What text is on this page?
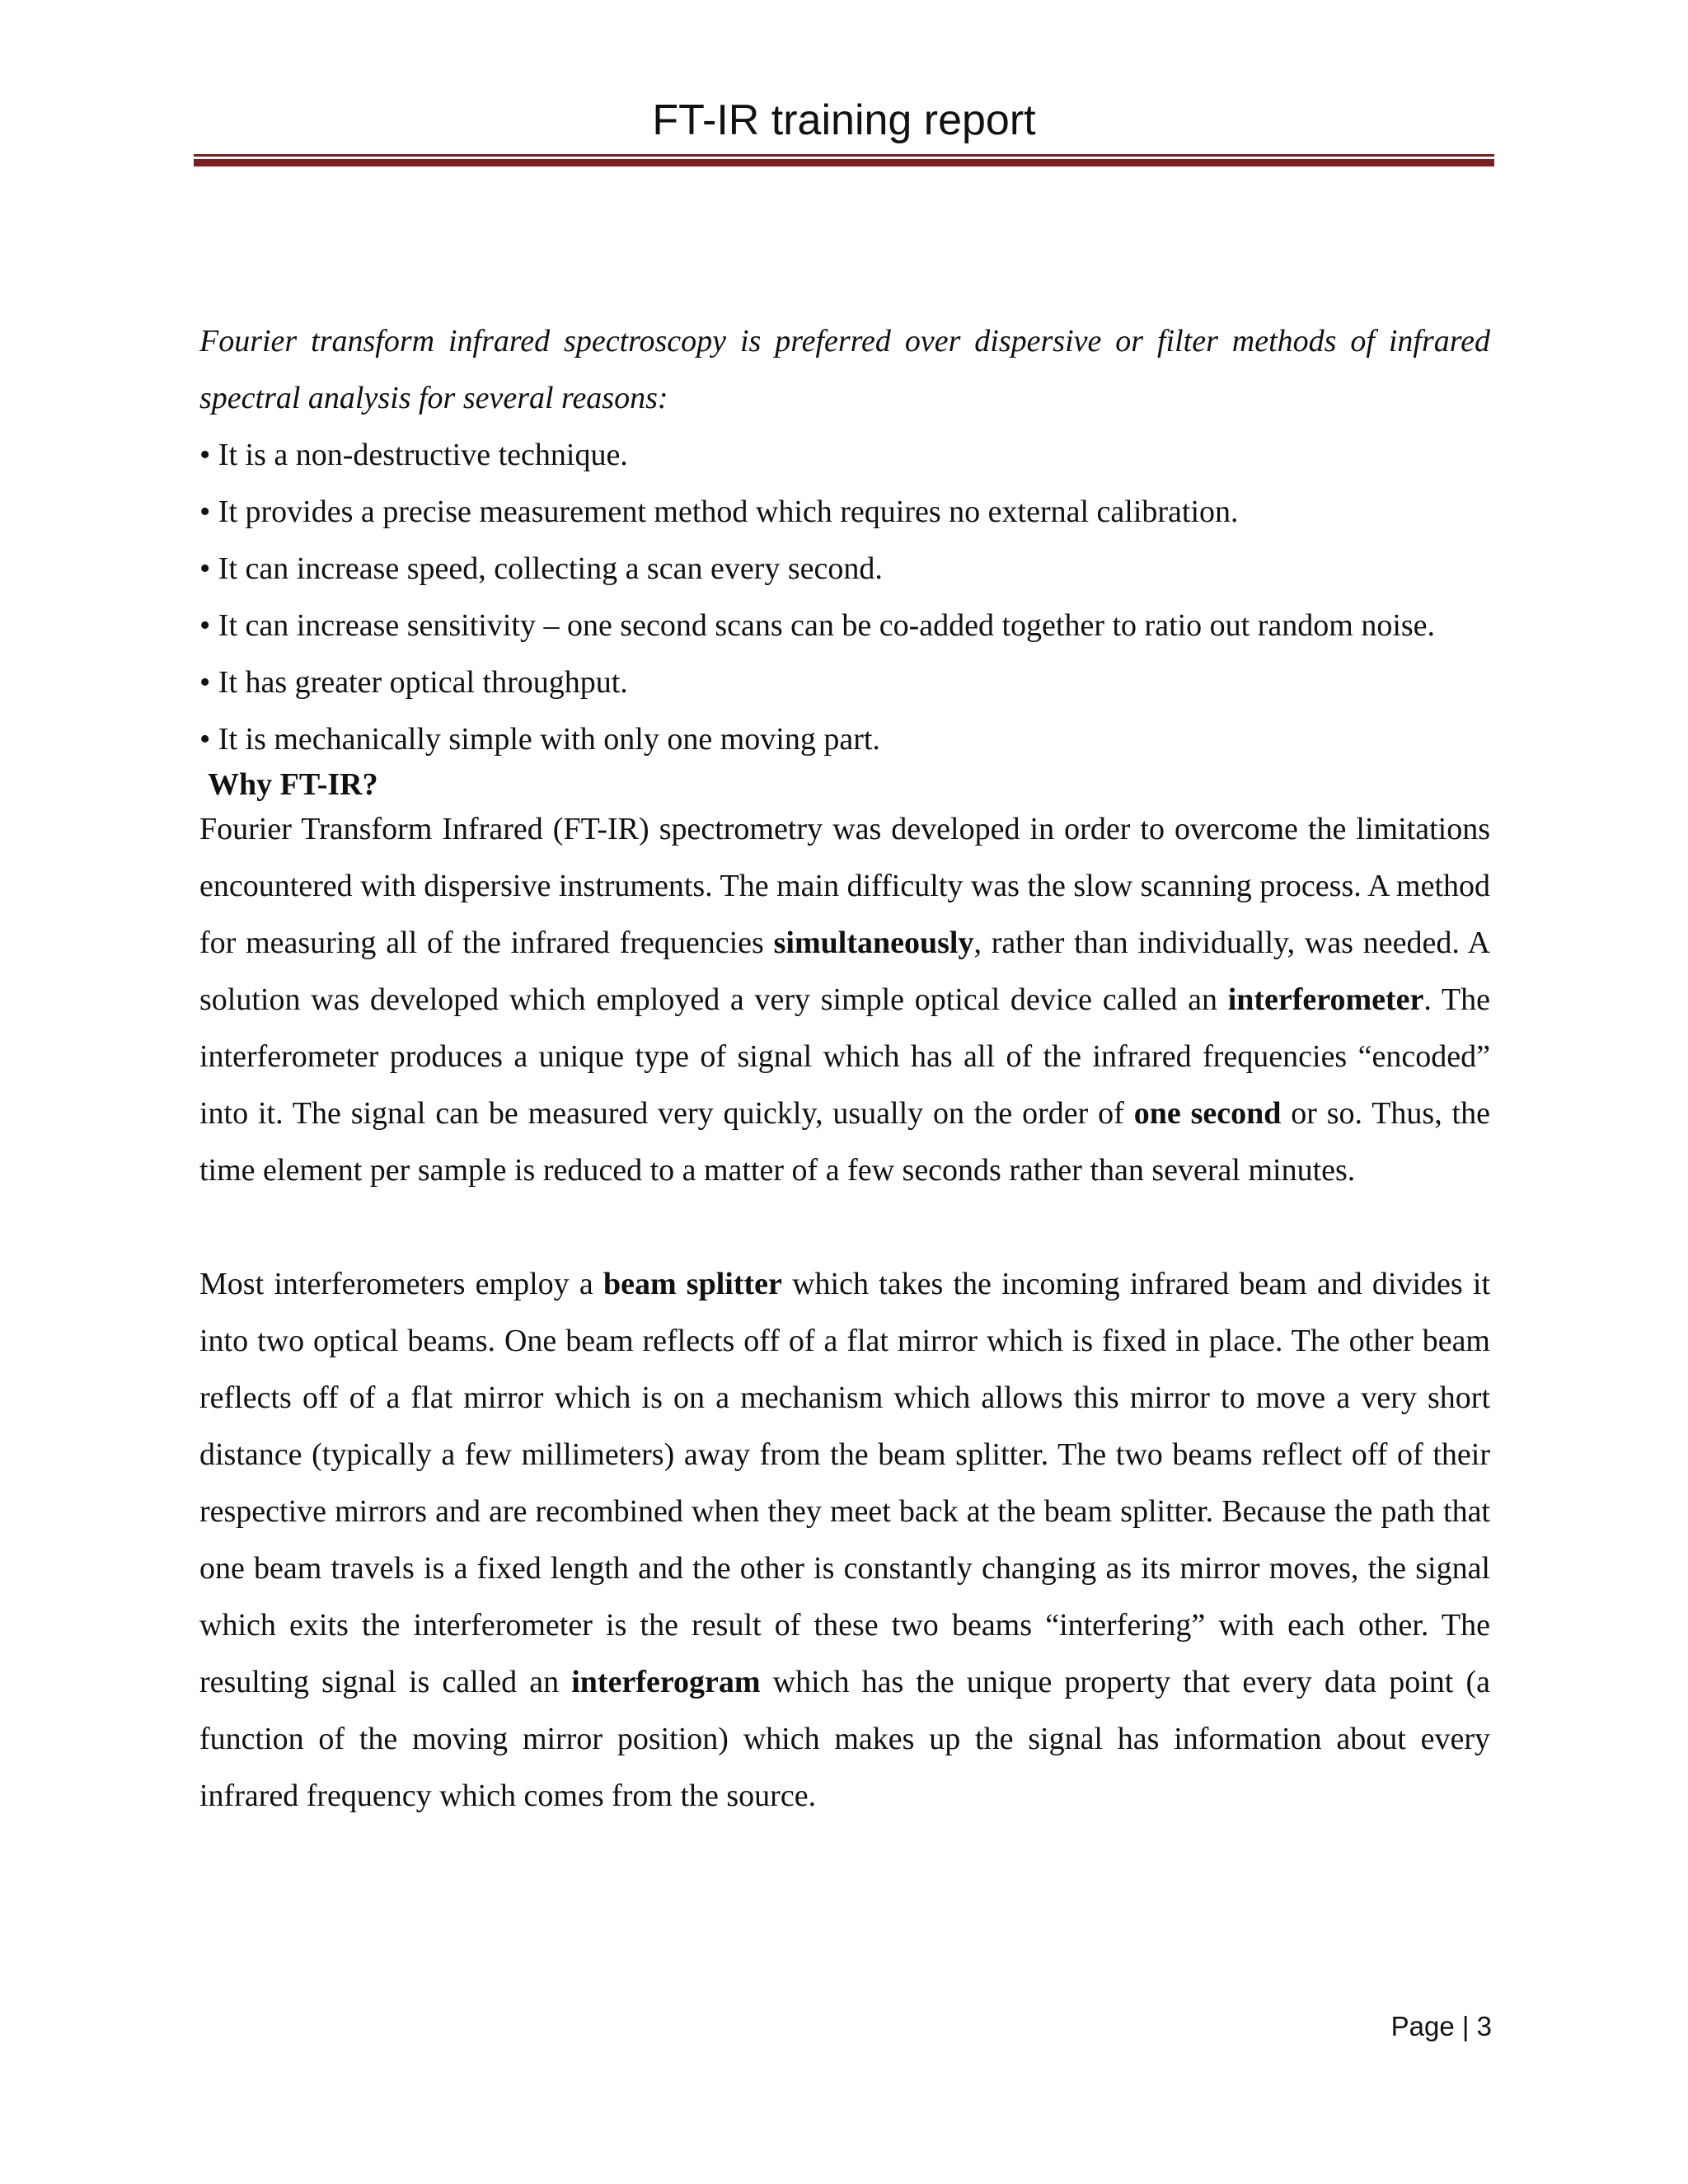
FT-IR training report

Fourier transform infrared spectroscopy is preferred over dispersive or filter methods of infrared spectral analysis for several reasons:

• It is a non-destructive technique.

• It provides a precise measurement method which requires no external calibration.

• It can increase speed, collecting a scan every second.

• It can increase sensitivity – one second scans can be co-added together to ratio out random noise.

• It has greater optical throughput.

• It is mechanically simple with only one moving part.

Why FT-IR?

Fourier Transform Infrared (FT-IR) spectrometry was developed in order to overcome the limitations encountered with dispersive instruments. The main difficulty was the slow scanning process. A method for measuring all of the infrared frequencies simultaneously, rather than individually, was needed. A solution was developed which employed a very simple optical device called an interferometer. The interferometer produces a unique type of signal which has all of the infrared frequencies “encoded” into it. The signal can be measured very quickly, usually on the order of one second or so. Thus, the time element per sample is reduced to a matter of a few seconds rather than several minutes.

Most interferometers employ a beam splitter which takes the incoming infrared beam and divides it into two optical beams. One beam reflects off of a flat mirror which is fixed in place. The other beam reflects off of a flat mirror which is on a mechanism which allows this mirror to move a very short distance (typically a few millimeters) away from the beam splitter. The two beams reflect off of their respective mirrors and are recombined when they meet back at the beam splitter. Because the path that one beam travels is a fixed length and the other is constantly changing as its mirror moves, the signal which exits the interferometer is the result of these two beams “interfering” with each other. The resulting signal is called an interferogram which has the unique property that every data point (a function of the moving mirror position) which makes up the signal has information about every infrared frequency which comes from the source.

Page | 3
